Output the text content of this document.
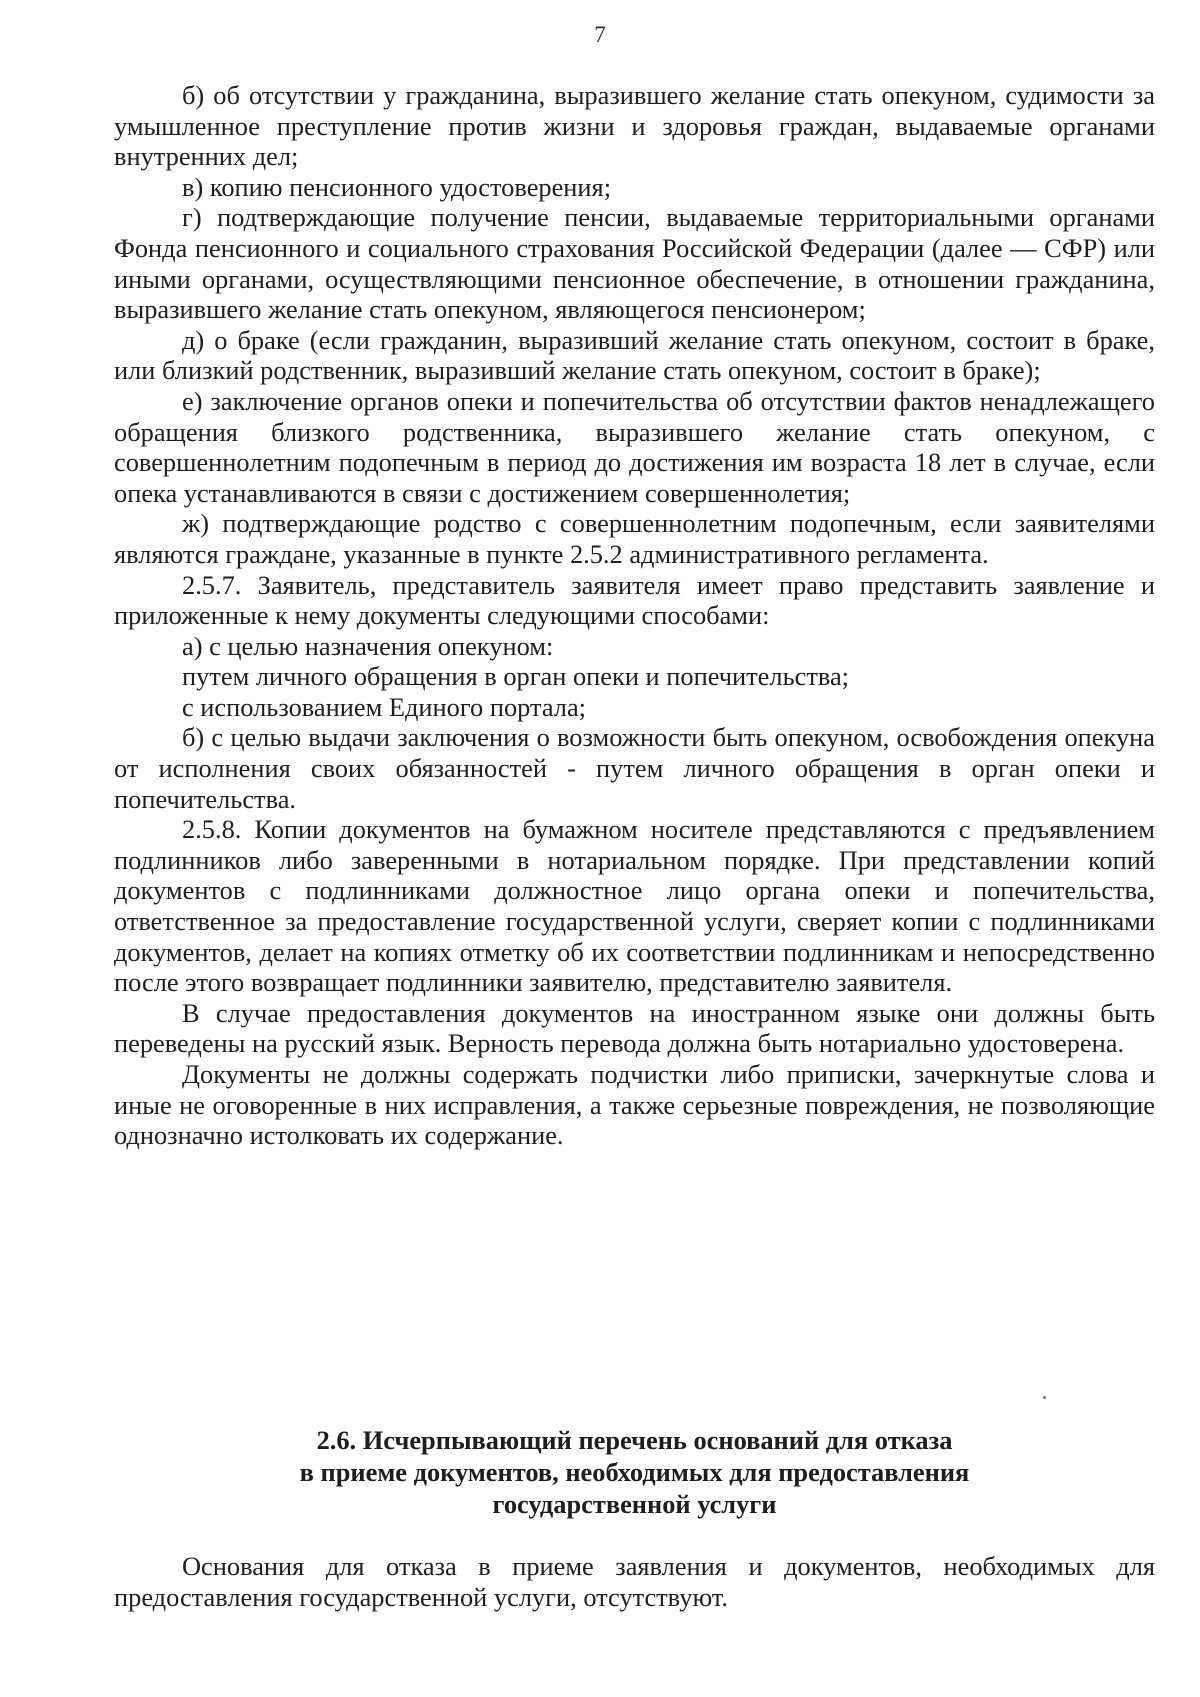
7

б) об отсутствии у гражданина, выразившего желание стать опекуном, судимости за умышленное преступление против жизни и здоровья граждан, выдаваемые органами внутренних дел;

в) копию пенсионного удостоверения;

г) подтверждающие получение пенсии, выдаваемые территориальными органами Фонда пенсионного и социального страхования Российской Федерации (далее — СФР) или иными органами, осуществляющими пенсионное обеспечение, в отношении гражданина, выразившего желание стать опекуном, являющегося пенсионером;

д) о браке (если гражданин, выразивший желание стать опекуном, состоит в браке, или близкий родственник, выразивший желание стать опекуном, состоит в браке);

е) заключение органов опеки и попечительства об отсутствии фактов ненадлежащего обращения близкого родственника, выразившего желание стать опекуном, с совершеннолетним подопечным в период до достижения им возраста 18 лет в случае, если опека устанавливаются в связи с достижением совершеннолетия;

ж) подтверждающие родство с совершеннолетним подопечным, если заявителями являются граждане, указанные в пункте 2.5.2 административного регламента.

2.5.7. Заявитель, представитель заявителя имеет право представить заявление и приложенные к нему документы следующими способами:

а) с целью назначения опекуном:

путем личного обращения в орган опеки и попечительства;

с использованием Единого портала;

б) с целью выдачи заключения о возможности быть опекуном, освобождения опекуна от исполнения своих обязанностей - путем личного обращения в орган опеки и попечительства.

2.5.8. Копии документов на бумажном носителе представляются с предъявлением подлинников либо заверенными в нотариальном порядке. При представлении копий документов с подлинниками должностное лицо органа опеки и попечительства, ответственное за предоставление государственной услуги, сверяет копии с подлинниками документов, делает на копиях отметку об их соответствии подлинникам и непосредственно после этого возвращает подлинники заявителю, представителю заявителя.

В случае предоставления документов на иностранном языке они должны быть переведены на русский язык. Верность перевода должна быть нотариально удостоверена.

Документы не должны содержать подчистки либо приписки, зачеркнутые слова и иные не оговоренные в них исправления, а также серьезные повреждения, не позволяющие однозначно истолковать их содержание.

2.6. Исчерпывающий перечень оснований для отказа
в приеме документов, необходимых для предоставления
государственной услуги

Основания для отказа в приеме заявления и документов, необходимых для предоставления государственной услуги, отсутствуют.
